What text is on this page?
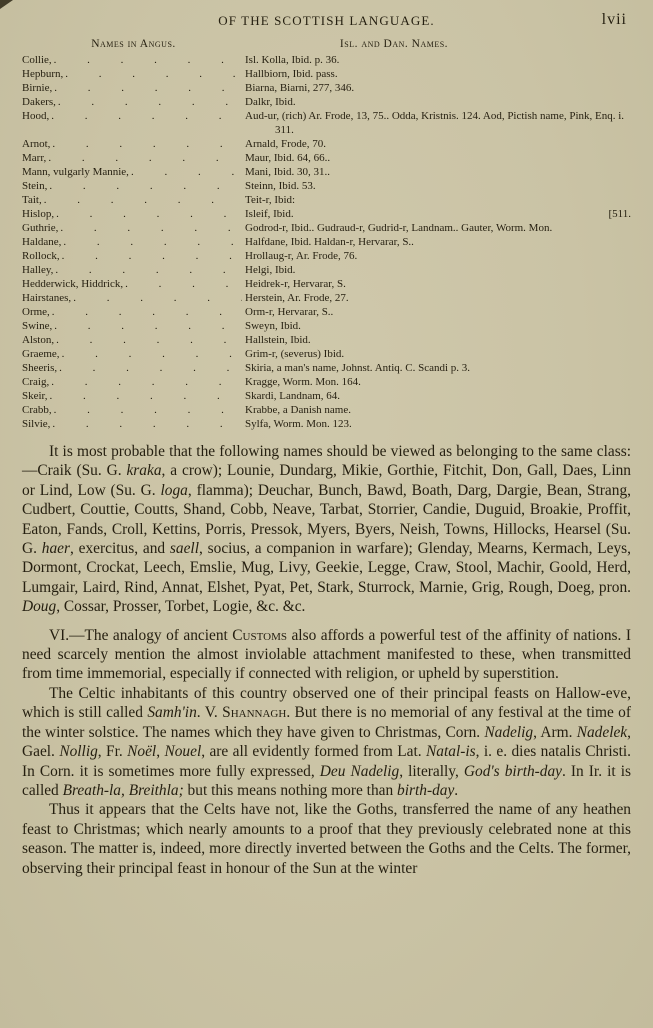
OF THE SCOTTISH LANGUAGE.	lvii
Names in Angus.	Isl. and Dan. Names.
Collie, . . .	Isl. Kolla, Ibid. p. 36.
Hepburn, . . .	Hallbiorn, Ibid. pass.
Birnie, . . .	Biarna, Biarni, 277, 346.
Dakers, . . .	Dalkr, Ibid.
Hood, . . .	Aud-ur, (rich) Ar. Frode, 13, 75.. Odda, Kristnis. 124. Aod, Pictish name, Pink, Enq. i. 311.
Arnot, . . .	Arnald, Frode, 70.
Marr, . . .	Maur, Ibid. 64, 66..
Mann, vulgarly Mannie, . . .	Mani, Ibid. 30, 31..
Stein, . . .	Steinn, Ibid. 53.
Tait, . . .	Teit-r, Ibid:
Hislop, . . .	Isleif, Ibid.	[511.
Guthrie, . . .	Godrod-r, Ibid.. Gudraud-r, Gudrid-r, Landnam.. Gauter, Worm. Mon.
Haldane, . . .	Halfdane, Ibid. Haldan-r, Hervarar, S..
Rollock, . . .	Hrollaug-r, Ar. Frode, 76.
Halley, . . .	Helgi, Ibid.
Hedderwick, Hiddrick, . . .	Heidrek-r, Hervarar, S.
Hairstanes, . . .	Herstein, Ar. Frode, 27.
Orme, . . .	Orm-r, Hervarar, S..
Swine, . . .	Sweyn, Ibid.
Alston, . . .	Hallstein, Ibid.
Graeme, . . .	Grim-r, (severus) Ibid.
Sheeris, . . .	Skiria, a man's name, Johnst. Antiq. C. Scandi p. 3.
Craig, . . .	Kragge, Worm. Mon. 164.
Skeir, . . .	Skardi, Landnam, 64.
Crabb, . . .	Krabbe, a Danish name.
Silvie, . . .	Sylfa, Worm. Mon. 123.

It is most probable that the following names should be viewed as belonging to the same class:—Craik (Su. G. kraka, a crow); Lounie, Dundarg, Mikie, Gorthie, Fitchit, Don, Gall, Daes, Linn or Lind, Low (Su. G. loga, flamma); Deuchar, Bunch, Bawd, Boath, Darg, Dargie, Bean, Strang, Cudbert, Couttie, Coutts, Shand, Cobb, Neave, Tarbat, Storrier, Candie, Duguid, Broakie, Proffit, Eaton, Fands, Croll, Kettins, Porris, Pressok, Myers, Byers, Neish, Towns, Hillocks, Hearsel (Su. G. haer, exercitus, and saell, socius, a companion in warfare); Glenday, Mearns, Kermach, Leys, Dormont, Crockat, Leech, Emslie, Mug, Livy, Geekie, Legge, Craw, Stool, Machir, Goold, Herd, Lumgair, Laird, Rind, Annat, Elshet, Pyat, Pet, Stark, Sturrock, Marnie, Grig, Rough, Doeg, pron. Doug, Cossar, Prosser, Torbet, Logie, &c. &c.

VI.—The analogy of ancient Customs also affords a powerful test of the affinity of nations. I need scarcely mention the almost inviolable attachment manifested to these, when transmitted from time immemorial, especially if connected with religion, or upheld by superstition.

The Celtic inhabitants of this country observed one of their principal feasts on Hallow-eve, which is still called Samh'in. V. Shannagh. But there is no memorial of any festival at the time of the winter solstice. The names which they have given to Christmas, Corn. Nadelig, Arm. Nadelek, Gael. Nollig, Fr. Noël, Nouel, are all evidently formed from Lat. Natal-is, i. e. dies natalis Christi. In Corn. it is sometimes more fully expressed, Deu Nadelig, literally, God's birth-day. In Ir. it is called Breath-la, Breithla; but this means nothing more than birth-day.

Thus it appears that the Celts have not, like the Goths, transferred the name of any heathen feast to Christmas; which nearly amounts to a proof that they previously celebrated none at this season. The matter is, indeed, more directly inverted between the Goths and the Celts. The former, observing their principal feast in honour of the Sun at the winter
